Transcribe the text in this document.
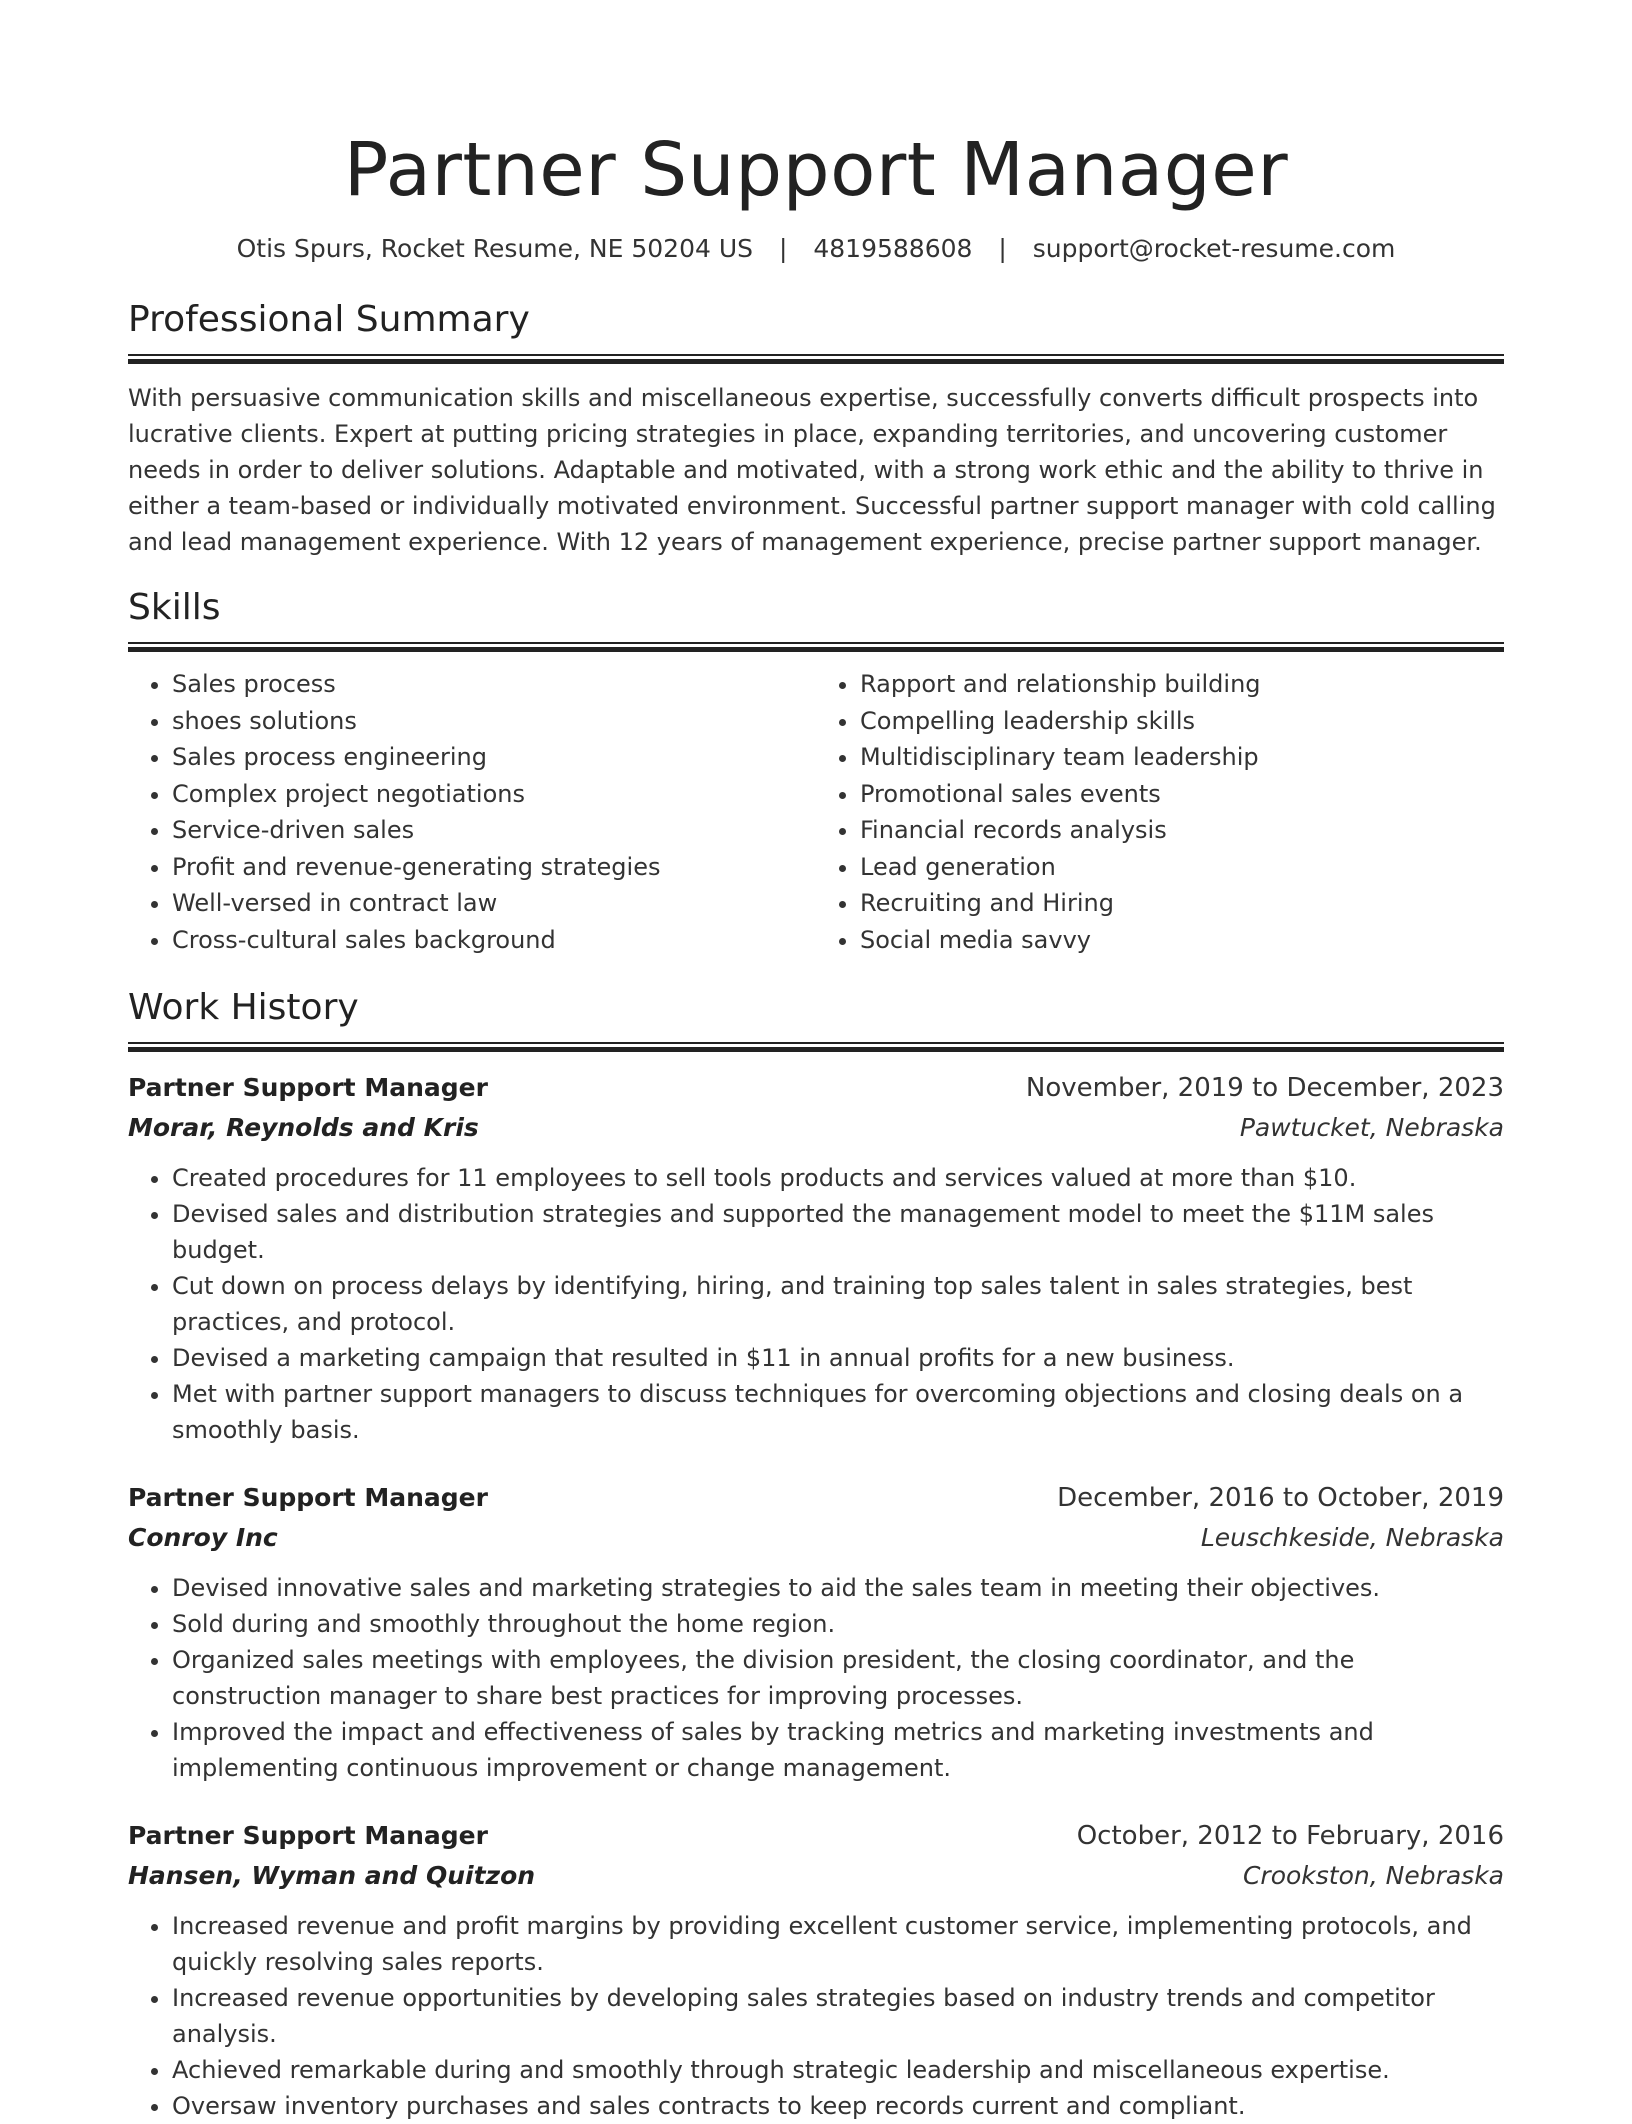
Partner Support Manager
Otis Spurs, Rocket Resume, NE 50204 US | 4819588608 | support@rocket-resume.com
Professional Summary

With persuasive communication skills and miscellaneous expertise, successfully converts difficult prospects into lucrative clients. Expert at putting pricing strategies in place, expanding territories, and uncovering customer needs in order to deliver solutions. Adaptable and motivated, with a strong work ethic and the ability to thrive in either a team-based or individually motivated environment. Successful partner support manager with cold calling and lead management experience. With 12 years of management experience, precise partner support manager.

Skills
• Sales process
• shoes solutions
• Sales process engineering
• Complex project negotiations
• Service-driven sales
• Profit and revenue-generating strategies
• Well-versed in contract law
• Cross-cultural sales background
• Rapport and relationship building
• Compelling leadership skills
• Multidisciplinary team leadership
• Promotional sales events
• Financial records analysis
• Lead generation
• Recruiting and Hiring
• Social media savvy
Work History
Partner Support Manager	November, 2019 to December, 2023
Morar, Reynolds and Kris	Pawtucket, Nebraska
• Created procedures for 11 employees to sell tools products and services valued at more than $10.
• Devised sales and distribution strategies and supported the management model to meet the $11M sales budget.
• Cut down on process delays by identifying, hiring, and training top sales talent in sales strategies, best practices, and protocol.
• Devised a marketing campaign that resulted in $11 in annual profits for a new business.
• Met with partner support managers to discuss techniques for overcoming objections and closing deals on a smoothly basis.
Partner Support Manager	December, 2016 to October, 2019
Conroy Inc	Leuschkeside, Nebraska
• Devised innovative sales and marketing strategies to aid the sales team in meeting their objectives.
• Sold during and smoothly throughout the home region.
• Organized sales meetings with employees, the division president, the closing coordinator, and the construction manager to share best practices for improving processes.
• Improved the impact and effectiveness of sales by tracking metrics and marketing investments and implementing continuous improvement or change management.
Partner Support Manager	October, 2012 to February, 2016
Hansen, Wyman and Quitzon	Crookston, Nebraska
• Increased revenue and profit margins by providing excellent customer service, implementing protocols, and quickly resolving sales reports.
• Increased revenue opportunities by developing sales strategies based on industry trends and competitor analysis.
• Achieved remarkable during and smoothly through strategic leadership and miscellaneous expertise.
• Oversaw inventory purchases and sales contracts to keep records current and compliant.
